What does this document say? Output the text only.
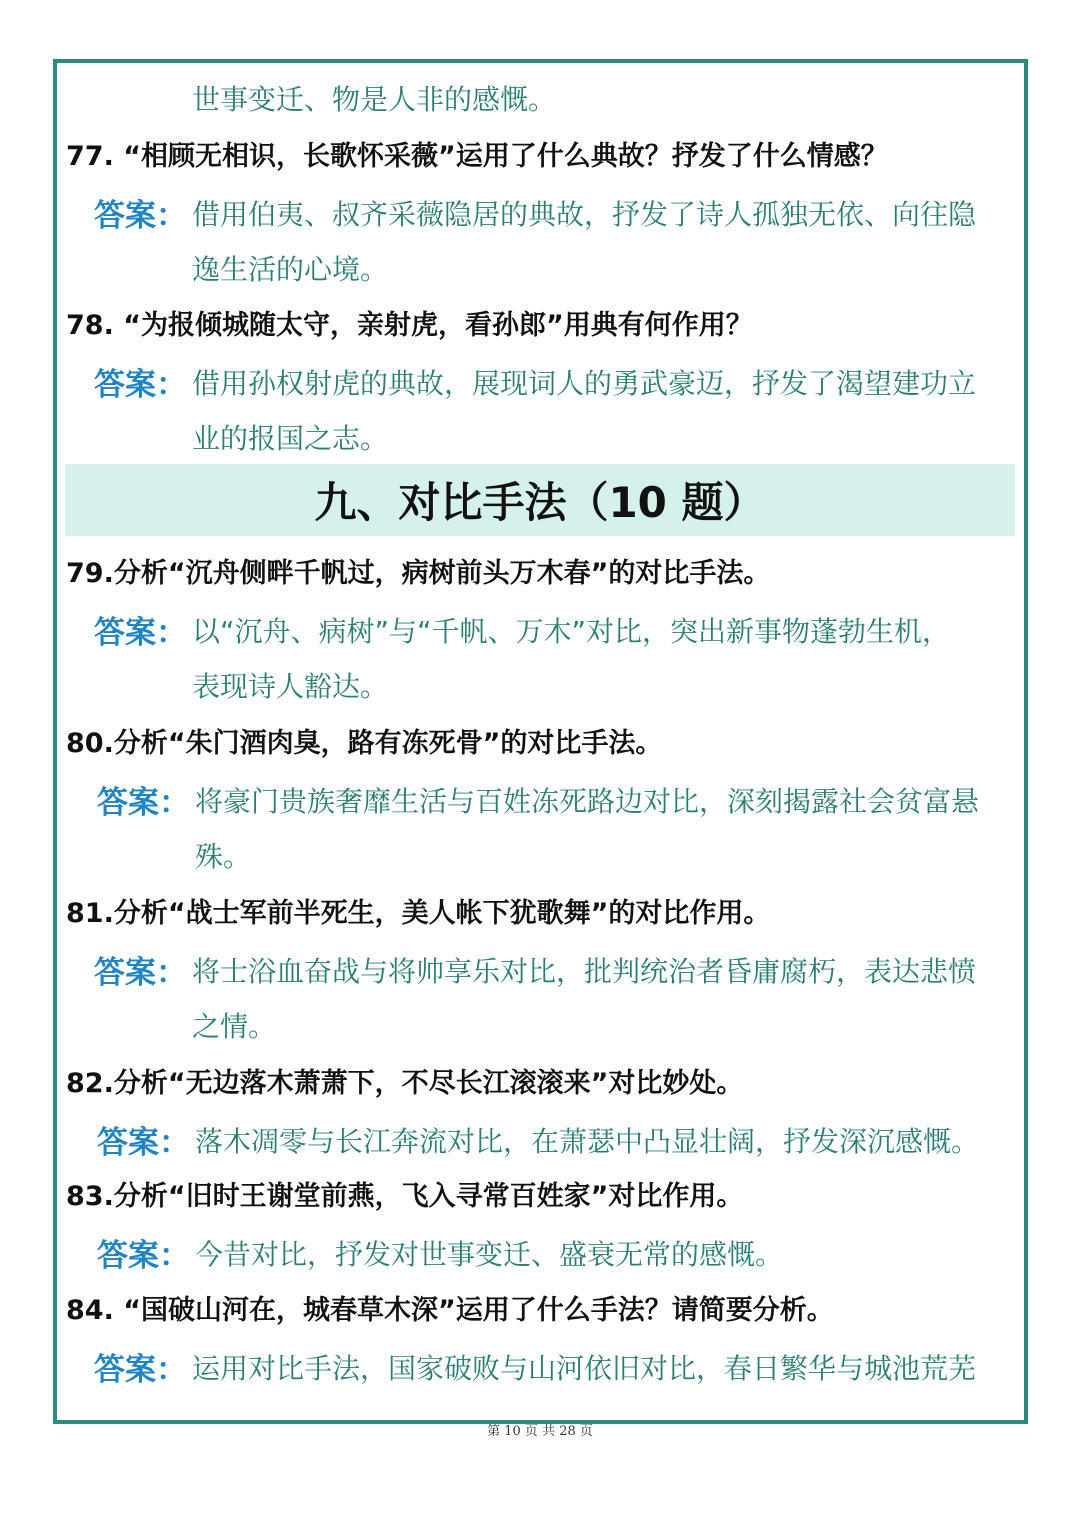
世事变迁、物是人非的感慨。
77. “相顾无相识，长歌怀采薇”运用了什么典故？抒发了什么情感？
答案： 借用伯夷、叔齐采薇隐居的典故，抒发了诗人孤独无依、向往隐
逸生活的心境。
78. “为报倾城随太守，亲射虎，看孙郎”用典有何作用？
答案： 借用孙权射虎的典故，展现词人的勇武豪迈，抒发了渴望建功立
业的报国之志。
九、对比手法（10 题）
79.分析“沉舟侧畔千帆过，病树前头万木春”的对比手法。
答案： 以“沉舟、病树”与“千帆、万木”对比，突出新事物蓬勃生机，
表现诗人豁达。
80.分析“朱门酒肉臭，路有冻死骨”的对比手法。
答案： 将豪门贵族奢靡生活与百姓冻死路边对比，深刻揭露社会贫富悬
殊。
81.分析“战士军前半死生，美人帐下犹歌舞”的对比作用。
答案： 将士浴血奋战与将帅享乐对比，批判统治者昏庸腐朽，表达悲愤
之情。
82.分析“无边落木萧萧下，不尽长江滚滚来”对比妙处。
答案： 落木凋零与长江奔流对比，在萧瑟中凸显壮阔，抒发深沉感慨。
83.分析“旧时王谢堂前燕，飞入寻常百姓家”对比作用。
答案： 今昔对比，抒发对世事变迁、盛衰无常的感慨。
84. “国破山河在，城春草木深”运用了什么手法？请简要分析。
答案： 运用对比手法，国家破败与山河依旧对比，春日繁华与城池荒芜
第 10 页 共 28 页
